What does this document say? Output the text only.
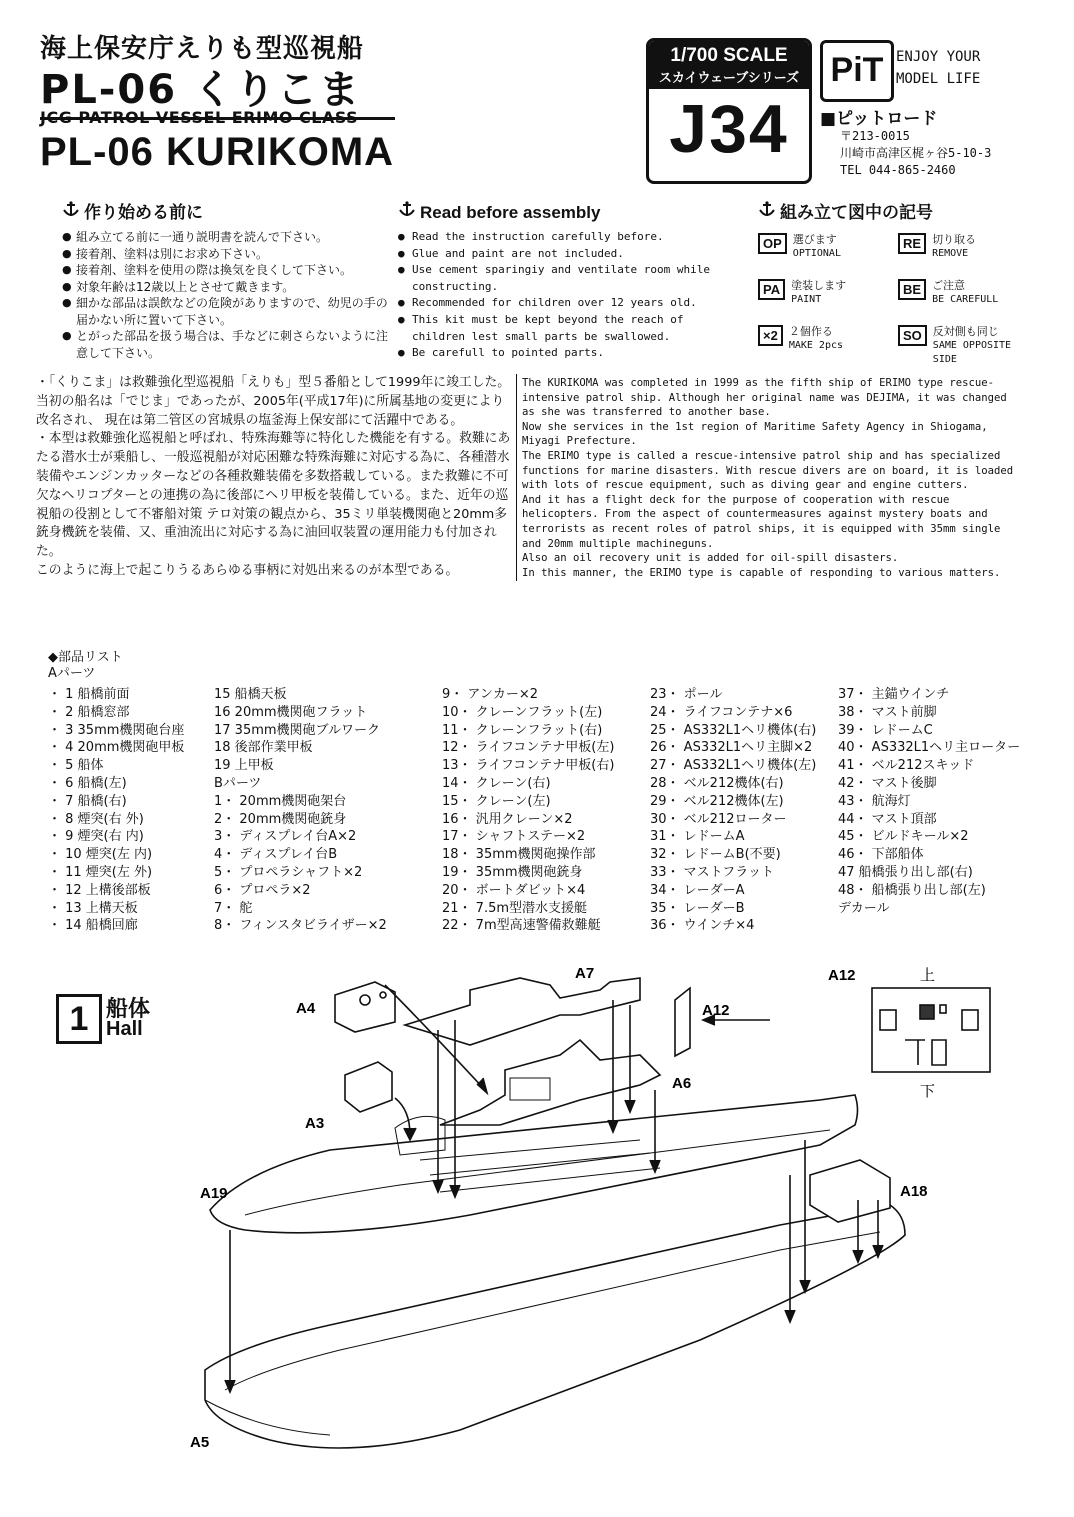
海上保安庁えりも型巡視船
PL-06 くりこま
JCG PATROL VESSEL ERIMO CLASS
PL-06 KURIKOMA
1/700 SCALE
スカイウェーブシリーズ
J34
PiT ENJOY YOUR
MODEL LIFE
■ピットロード
〒213-0015
川崎市高津区梶ヶ谷5-10-3
TEL 044-865-2460
作り始める前に
● 組み立てる前に一通り説明書を読んで下さい。
● 接着剤、塗料は別にお求め下さい。
● 接着剤、塗料を使用の際は換気を良くして下さい。
● 対象年齢は12歳以上とさせて戴きます。
● 細かな部品は誤飲などの危険がありますので、幼児の手の届かない所に置いて下さい。
● とがった部品を扱う場合は、手などに刺さらないように注意して下さい。
Read before assembly
● Read the instruction carefully before.
● Glue and paint are not included.
● Use cement sparingiy and ventilate room while constructing.
● Recommended for children over 12 years old.
● This kit must be kept beyond the reach of children lest small parts be swallowed.
● Be carefull to pointed parts.
組み立て図中の記号
OP	選びます
OPTIONAL
RE	切り取る
REMOVE
PA	塗装します
PAINT
BE	ご注意
BE CAREFULL
×2	２個作る
MAKE 2pcs
SO	反対側も同じ
SAME OPPOSITE SIDE

・「くりこま」は救難強化型巡視船「えりも」型５番船として1999年に竣工した。当初の船名は「でじま」であったが、2005年(平成17年)に所属基地の変更により改名され、 現在は第二管区の宮城県の塩釜海上保安部にて活躍中である。

・本型は救難強化巡視船と呼ばれ、特殊海難等に特化した機能を有する。救難にあたる潜水士が乗船し、一般巡視船が対応困難な特殊海難に対応する為に、各種潜水装備やエンジンカッターなどの各種救難装備を多数搭載している。また救難に不可欠なヘリコプターとの連携の為に後部にヘリ甲板を装備している。また、近年の巡視船の役割として不審船対策 テロ対策の観点から、35ミリ単装機関砲と20mm多銃身機銃を装備、又、重油流出に対応する為に油回収装置の運用能力も付加された。

このように海上で起こりうるあらゆる事柄に対処出来るのが本型である。

The KURIKOMA was completed in 1999 as the fifth ship of ERIMO type rescue-intensive patrol ship. Although her original name was DEJIMA, it was changed as she was transferred to another base.

Now she services in the 1st region of Maritime Safety Agency in Shiogama, Miyagi Prefecture.

The ERIMO type is called a rescue-intensive patrol ship and has specialized functions for marine disasters. With rescue divers are on board, it is loaded with lots of rescue equipment, such as diving gear and engine cutters.

And it has a flight deck for the purpose of cooperation with rescue helicopters. From the aspect of countermeasures against mystery boats and terrorists as recent roles of patrol ships, it is equipped with 35mm single and 20mm multiple machineguns.

Also an oil recovery unit is added for oil-spill disasters.

In this manner, the ERIMO type is capable of responding to various matters.

◆部品リスト
Aパーツ
・ 1 船橋前面
・ 2 船橋窓部
・ 3 35mm機関砲台座
・ 4 20mm機関砲甲板
・ 5 船体
・ 6 船橋(左)
・ 7 船橋(右)
・ 8 煙突(右 外)
・ 9 煙突(右 内)
・ 10 煙突(左 内)
・ 11 煙突(左 外)
・ 12 上構後部板
・ 13 上構天板
・ 14 船橋回廊
15 船橋天板
16 20mm機関砲フラット
17 35mm機関砲ブルワーク
18 後部作業甲板
19 上甲板
Bパーツ
1・ 20mm機関砲架台
2・ 20mm機関砲銃身
3・ ディスプレイ台A×2
4・ ディスプレイ台B
5・ プロペラシャフト×2
6・ プロペラ×2
7・ 舵
8・ フィンスタビライザー×2
9・ アンカー×2
10・ クレーンフラット(左)
11・ クレーンフラット(右)
12・ ライフコンテナ甲板(左)
13・ ライフコンテナ甲板(右)
14・ クレーン(右)
15・ クレーン(左)
16・ 汎用クレーン×2
17・ シャフトステー×2
18・ 35mm機関砲操作部
19・ 35mm機関砲銃身
20・ ボートダビット×4
21・ 7.5m型潜水支援艇
22・ 7m型高速警備救難艇
23・ ポール
24・ ライフコンテナ×6
25・ AS332L1ヘリ機体(右)
26・ AS332L1ヘリ主脚×2
27・ AS332L1ヘリ機体(左)
28・ ベル212機体(右)
29・ ベル212機体(左)
30・ ベル212ローター
31・ レドームA
32・ レドームB(不要)
33・ マストフラット
34・ レーダーA
35・ レーダーB
36・ ウインチ×4
37・ 主錨ウインチ
38・ マスト前脚
39・ レドームC
40・ AS332L1ヘリ主ローター
41・ ベル212スキッド
42・ マスト後脚
43・ 航海灯
44・ マスト頂部
45・ ビルドキール×2
46・ 下部船体
47 船橋張り出し部(右)
48・ 船橋張り出し部(左)
デカール
1 船体
Hall
A4
A7
A12
A6
A3
A19	A18
A5
A12	上
下
